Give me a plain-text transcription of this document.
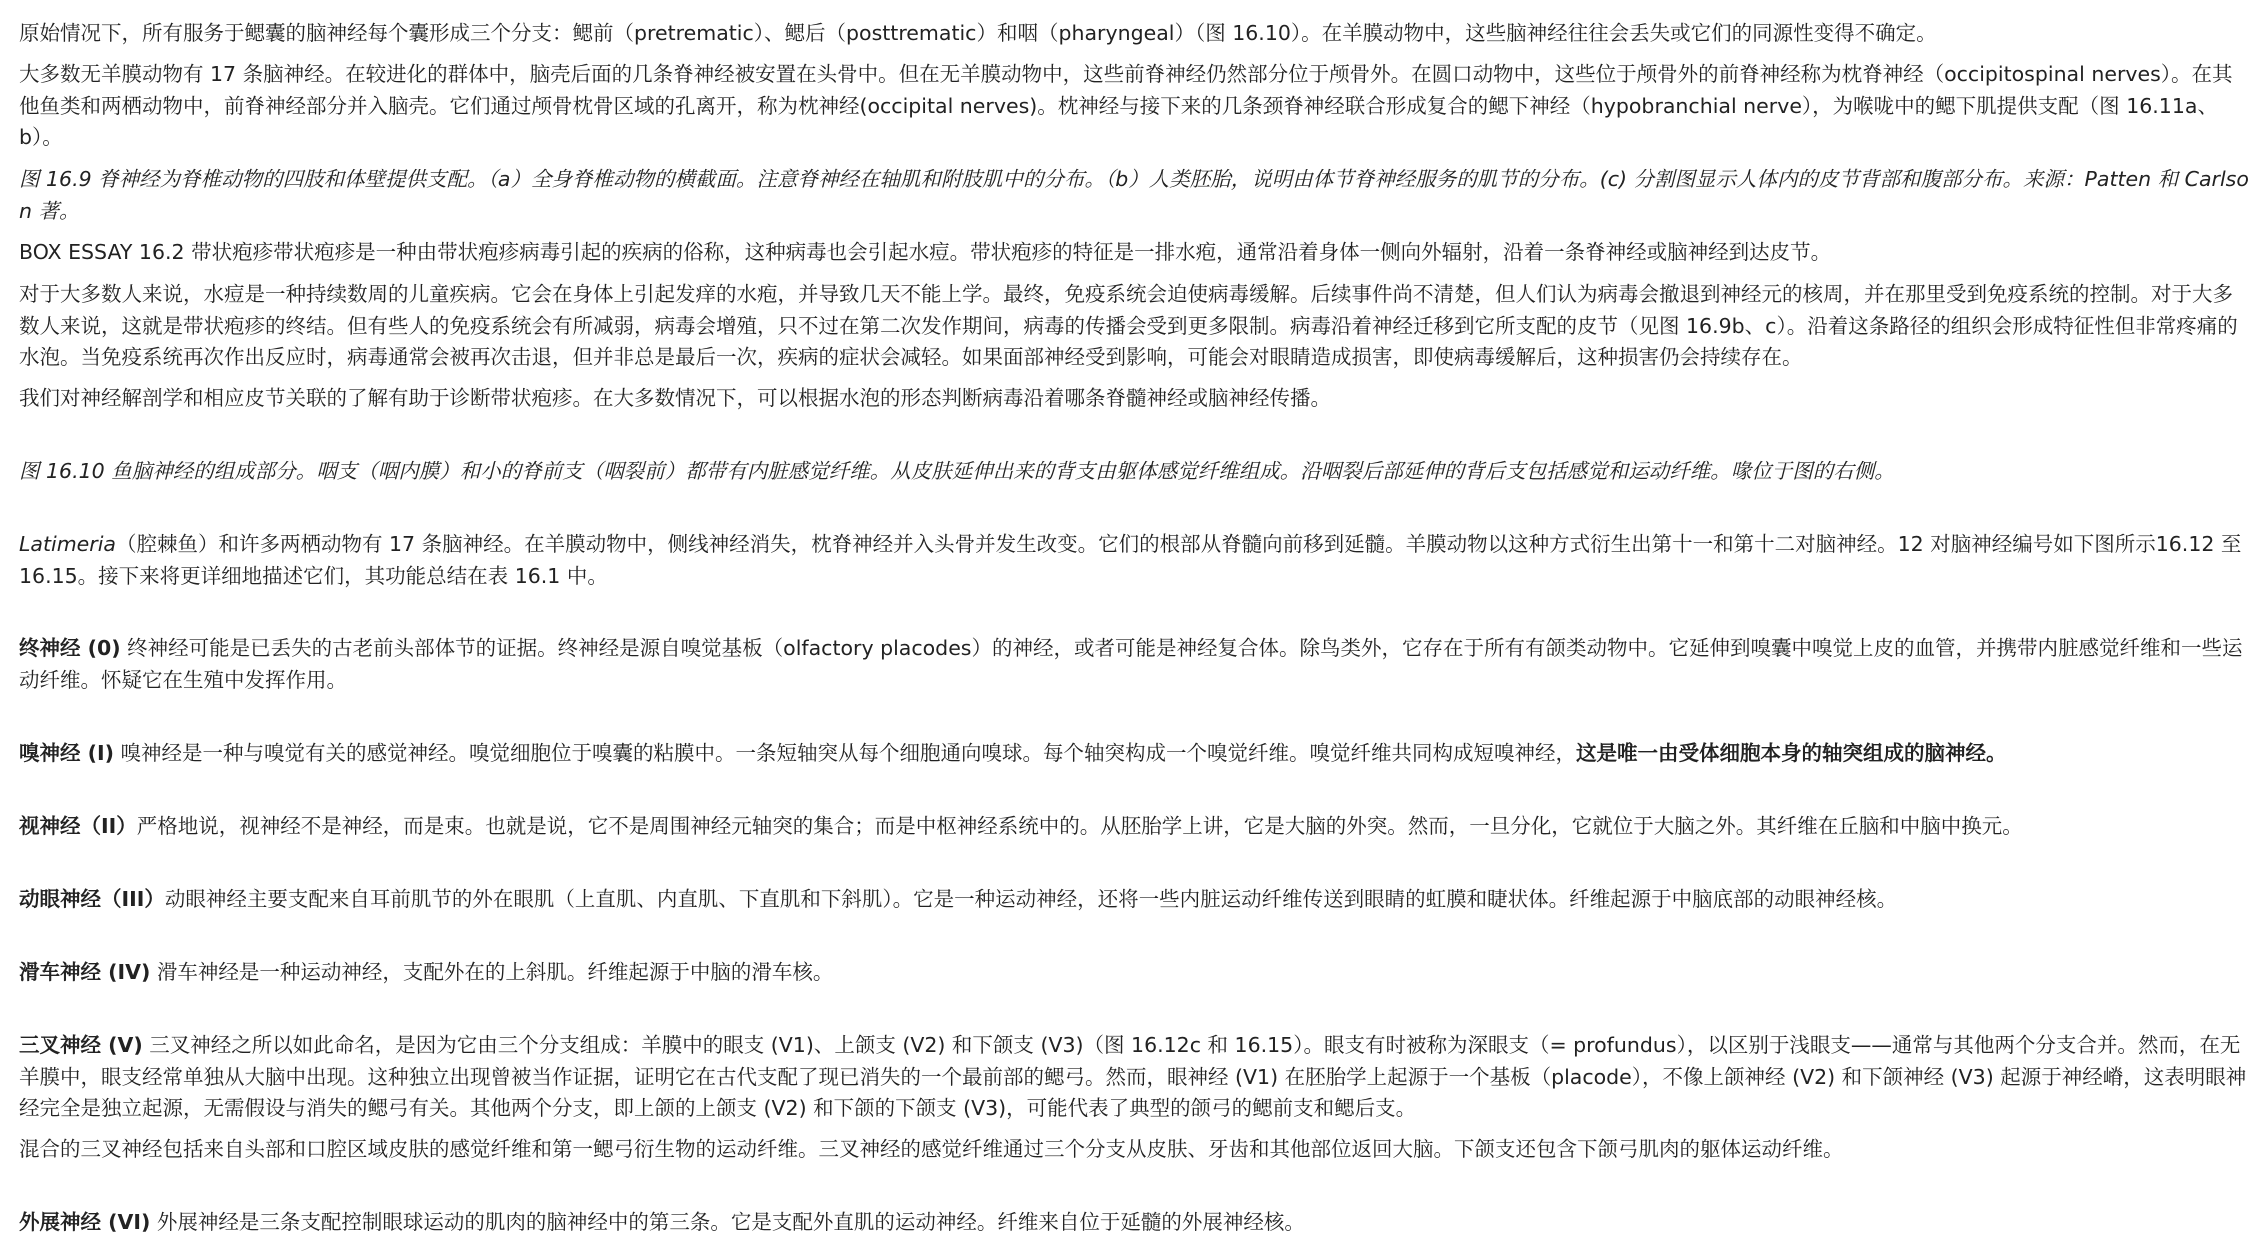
原始情况下，所有服务于鳃囊的脑神经每个囊形成三个分支：鳃前（pretrematic）、鳃后（posttrematic）和咽（pharyngeal）（图 16.10）。在羊膜动物中，这些脑神经往往会丢失或它们的同源性变得不确定。

大多数无羊膜动物有 17 条脑神经。在较进化的群体中，脑壳后面的几条脊神经被安置在头骨中。但在无羊膜动物中，这些前脊神经仍然部分位于颅骨外。在圆口动物中，这些位于颅骨外的前脊神经称为枕脊神经（occipitospinal nerves）。在其他鱼类和两栖动物中，前脊神经部分并入脑壳。它们通过颅骨枕骨区域的孔离开，称为枕神经(occipital nerves)。枕神经与接下来的几条颈脊神经联合形成复合的鳃下神经（hypobranchial nerve），为喉咙中的鳃下肌提供支配（图 16.11a、b）。

图 16.9 脊神经为脊椎动物的四肢和体壁提供支配。（a）全身脊椎动物的横截面。注意脊神经在轴肌和附肢肌中的分布。（b）人类胚胎，说明由体节脊神经服务的肌节的分布。(c) 分割图显示人体内的皮节背部和腹部分布。来源：Patten 和 Carlson 著。

BOX ESSAY 16.2 带状疱疹带状疱疹是一种由带状疱疹病毒引起的疾病的俗称，这种病毒也会引起水痘。带状疱疹的特征是一排水疱，通常沿着身体一侧向外辐射，沿着一条脊神经或脑神经到达皮节。

对于大多数人来说，水痘是一种持续数周的儿童疾病。它会在身体上引起发痒的水疱，并导致几天不能上学。最终，免疫系统会迫使病毒缓解。后续事件尚不清楚，但人们认为病毒会撤退到神经元的核周，并在那里受到免疫系统的控制。对于大多数人来说，这就是带状疱疹的终结。但有些人的免疫系统会有所减弱，病毒会增殖，只不过在第二次发作期间，病毒的传播会受到更多限制。病毒沿着神经迁移到它所支配的皮节（见图 16.9b、c）。沿着这条路径的组织会形成特征性但非常疼痛的水泡。当免疫系统再次作出反应时，病毒通常会被再次击退，但并非总是最后一次，疾病的症状会减轻。如果面部神经受到影响，可能会对眼睛造成损害，即使病毒缓解后，这种损害仍会持续存在。

我们对神经解剖学和相应皮节关联的了解有助于诊断带状疱疹。在大多数情况下，可以根据水泡的形态判断病毒沿着哪条脊髓神经或脑神经传播。

图 16.10 鱼脑神经的组成部分。咽支（咽内膜）和小的脊前支（咽裂前）都带有内脏感觉纤维。从皮肤延伸出来的背支由躯体感觉纤维组成。沿咽裂后部延伸的背后支包括感觉和运动纤维。喙位于图的右侧。

Latimeria（腔棘鱼）和许多两栖动物有 17 条脑神经。在羊膜动物中，侧线神经消失，枕脊神经并入头骨并发生改变。它们的根部从脊髓向前移到延髓。羊膜动物以这种方式衍生出第十一和第十二对脑神经。12 对脑神经编号如下图所示16.12 至 16.15。接下来将更详细地描述它们，其功能总结在表 16.1 中。

终神经 (0) 终神经可能是已丢失的古老前头部体节的证据。终神经是源自嗅觉基板（olfactory placodes）的神经，或者可能是神经复合体。除鸟类外，它存在于所有有颌类动物中。它延伸到嗅囊中嗅觉上皮的血管，并携带内脏感觉纤维和一些运动纤维。怀疑它在生殖中发挥作用。

嗅神经 (I) 嗅神经是一种与嗅觉有关的感觉神经。嗅觉细胞位于嗅囊的粘膜中。一条短轴突从每个细胞通向嗅球。每个轴突构成一个嗅觉纤维。嗅觉纤维共同构成短嗅神经，这是唯一由受体细胞本身的轴突组成的脑神经。

视神经（II）严格地说，视神经不是神经，而是束。也就是说，它不是周围神经元轴突的集合；而是中枢神经系统中的。从胚胎学上讲，它是大脑的外突。然而，一旦分化，它就位于大脑之外。其纤维在丘脑和中脑中换元。

动眼神经（III）动眼神经主要支配来自耳前肌节的外在眼肌（上直肌、内直肌、下直肌和下斜肌）。它是一种运动神经，还将一些内脏运动纤维传送到眼睛的虹膜和睫状体。纤维起源于中脑底部的动眼神经核。

滑车神经 (IV) 滑车神经是一种运动神经，支配外在的上斜肌。纤维起源于中脑的滑车核。

三叉神经 (V) 三叉神经之所以如此命名，是因为它由三个分支组成：羊膜中的眼支 (V1)、上颌支 (V2) 和下颌支 (V3)（图 16.12c 和 16.15）。眼支有时被称为深眼支（= profundus），以区别于浅眼支——通常与其他两个分支合并。然而，在无羊膜中，眼支经常单独从大脑中出现。这种独立出现曾被当作证据，证明它在古代支配了现已消失的一个最前部的鳃弓。然而，眼神经 (V1) 在胚胎学上起源于一个基板（placode），不像上颌神经 (V2) 和下颌神经 (V3) 起源于神经嵴，这表明眼神经完全是独立起源，无需假设与消失的鳃弓有关。其他两个分支，即上颌的上颌支 (V2) 和下颌的下颌支 (V3)，可能代表了典型的颌弓的鳃前支和鳃后支。

混合的三叉神经包括来自头部和口腔区域皮肤的感觉纤维和第一鳃弓衍生物的运动纤维。三叉神经的感觉纤维通过三个分支从皮肤、牙齿和其他部位返回大脑。下颌支还包含下颌弓肌肉的躯体运动纤维。

外展神经 (VI) 外展神经是三条支配控制眼球运动的肌肉的脑神经中的第三条。它是支配外直肌的运动神经。纤维来自位于延髓的外展神经核。
